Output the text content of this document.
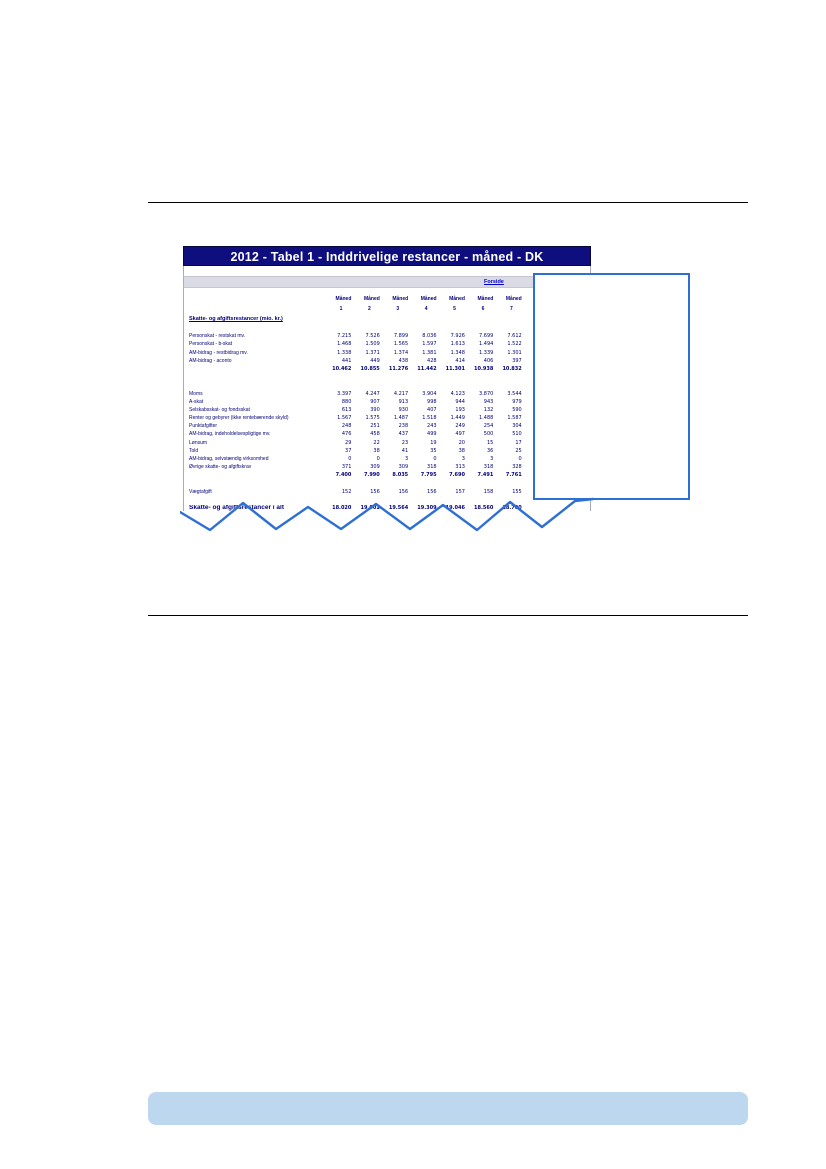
2012 - Tabel 1 - Inddrivelige restancer - måned - DK
Forside
Måned	Måned	Måned	Måned	Måned	Måned	Måned
1	2	3	4	5	6	7
Skatte- og afgiftsrestancer (mio. kr.)
Personskat - restskat mv.	7.215	7.526	7.899	8.036	7.926	7.699	7.612
Personskat - b-skat	1.468	1.509	1.565	1.597	1.613	1.494	1.522
AM-bidrag - restbidrag mv.	1.338	1.371	1.374	1.381	1.348	1.339	1.301
AM-bidrag - aconto	441	449	438	428	414	406	397
10.462	10.855	11.276	11.442	11.301	10.938	10.832
Moms	3.397	4.247	4.217	3.904	4.123	3.870	3.544
A-skat	880	907	913	998	944	943	979
Selskabsskat- og fondsskat	613	390	930	407	193	132	590
Renter og gebyrer (ikke rentebærende skyld)	1.567	1.575	1.487	1.518	1.449	1.488	1.587
Punktafgifter	248	251	238	243	249	254	304
AM-bidrag, indeholdelsespligtige mv.	476	458	437	499	497	500	510
Lønsum	29	22	23	19	20	15	17
Told	37	38	41	35	38	36	25
AM-bidrag, selvstændig virksomhed	0	0	3	0	3	3	0
Øvrige skatte- og afgiftskrav	371	309	309	318	313	318	328
7.400	7.990	8.035	7.795	7.690	7.491	7.761
Vægtafgift	152	156	156	156	157	158	155
Skatte- og afgiftsrestancer i alt	18.020	19.001	19.564	19.309	19.046	18.560	18.700
